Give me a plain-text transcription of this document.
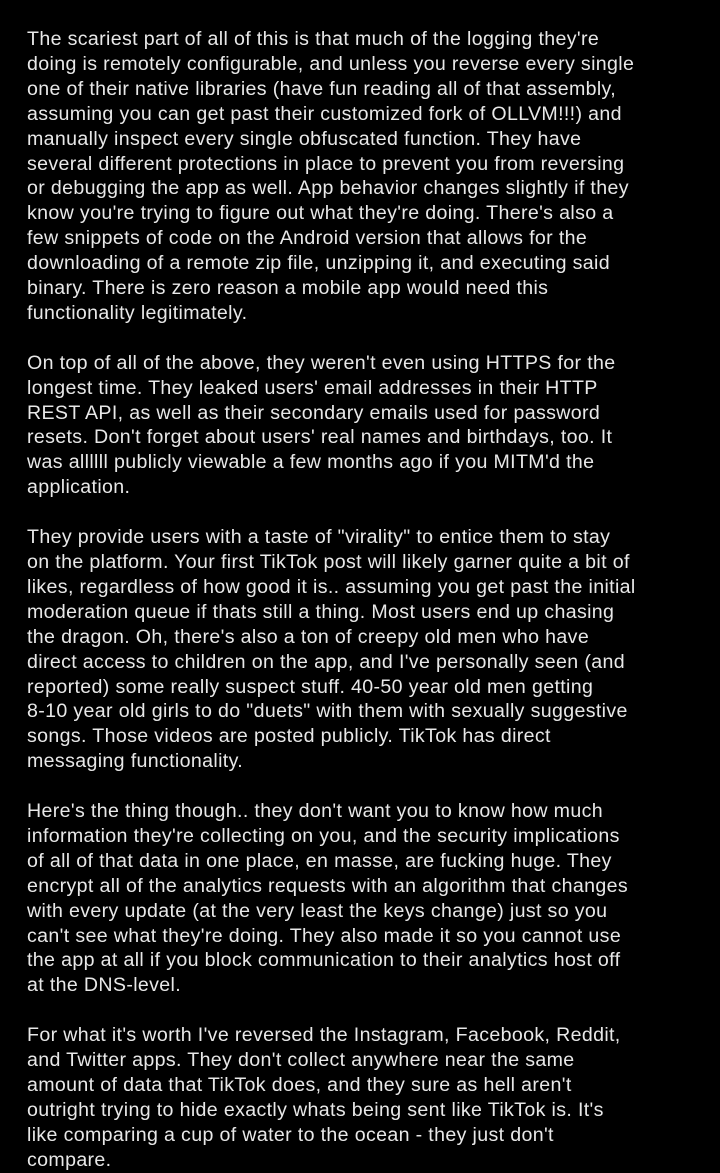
The scariest part of all of this is that much of the logging they're
doing is remotely configurable, and unless you reverse every single
one of their native libraries (have fun reading all of that assembly,
assuming you can get past their customized fork of OLLVM!!!) and
manually inspect every single obfuscated function. They have
several different protections in place to prevent you from reversing
or debugging the app as well. App behavior changes slightly if they
know you're trying to figure out what they're doing. There's also a
few snippets of code on the Android version that allows for the
downloading of a remote zip file, unzipping it, and executing said
binary. There is zero reason a mobile app would need this
functionality legitimately.

On top of all of the above, they weren't even using HTTPS for the
longest time. They leaked users' email addresses in their HTTP
REST API, as well as their secondary emails used for password
resets. Don't forget about users' real names and birthdays, too. It
was allllll publicly viewable a few months ago if you MITM'd the
application.

They provide users with a taste of "virality" to entice them to stay
on the platform. Your first TikTok post will likely garner quite a bit of
likes, regardless of how good it is.. assuming you get past the initial
moderation queue if thats still a thing. Most users end up chasing
the dragon. Oh, there's also a ton of creepy old men who have
direct access to children on the app, and I've personally seen (and
reported) some really suspect stuff. 40-50 year old men getting
8-10 year old girls to do "duets" with them with sexually suggestive
songs. Those videos are posted publicly. TikTok has direct
messaging functionality.

Here's the thing though.. they don't want you to know how much
information they're collecting on you, and the security implications
of all of that data in one place, en masse, are fucking huge. They
encrypt all of the analytics requests with an algorithm that changes
with every update (at the very least the keys change) just so you
can't see what they're doing. They also made it so you cannot use
the app at all if you block communication to their analytics host off
at the DNS-level.

For what it's worth I've reversed the Instagram, Facebook, Reddit,
and Twitter apps. They don't collect anywhere near the same
amount of data that TikTok does, and they sure as hell aren't
outright trying to hide exactly whats being sent like TikTok is. It's
like comparing a cup of water to the ocean - they just don't
compare.
